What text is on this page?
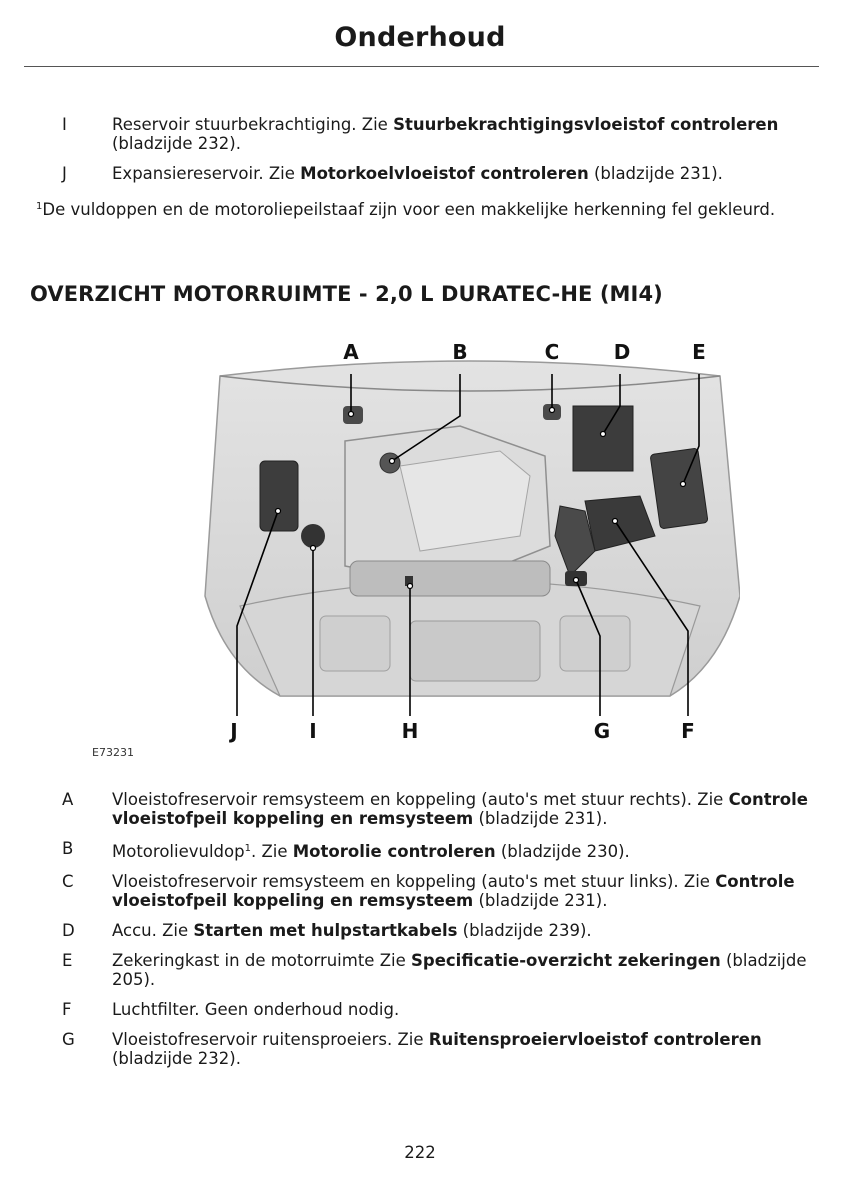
Onderhoud
I	Reservoir stuurbekrachtiging. Zie Stuurbekrachtigingsvloeistof controleren (bladzijde 232).
J	Expansiereservoir. Zie Motorkoelvloeistof controleren (bladzijde 231).
$^1$De vuldoppen en de motoroliepeilstaaf zijn voor een makkelijke herkenning fel gekleurd.
OVERZICHT MOTORRUIMTE - 2,0 L DURATEC-HE (MI4)
A	B	C	D	E
J	I	H	G	F
E73231
A	Vloeistofreservoir remsysteem en koppeling (auto's met stuur rechts). Zie Controle vloeistofpeil koppeling en remsysteem (bladzijde 231).
B	Motorolievuldop$^1$. Zie Motorolie controleren (bladzijde 230).
C	Vloeistofreservoir remsysteem en koppeling (auto's met stuur links). Zie Controle vloeistofpeil koppeling en remsysteem (bladzijde 231).
D	Accu. Zie Starten met hulpstartkabels (bladzijde 239).
E	Zekeringkast in de motorruimte Zie Specificatie-overzicht zekeringen (bladzijde 205).
F	Luchtfilter. Geen onderhoud nodig.
G	Vloeistofreservoir ruitensproeiers. Zie Ruitensproeiervloeistof controleren (bladzijde 232).
222
